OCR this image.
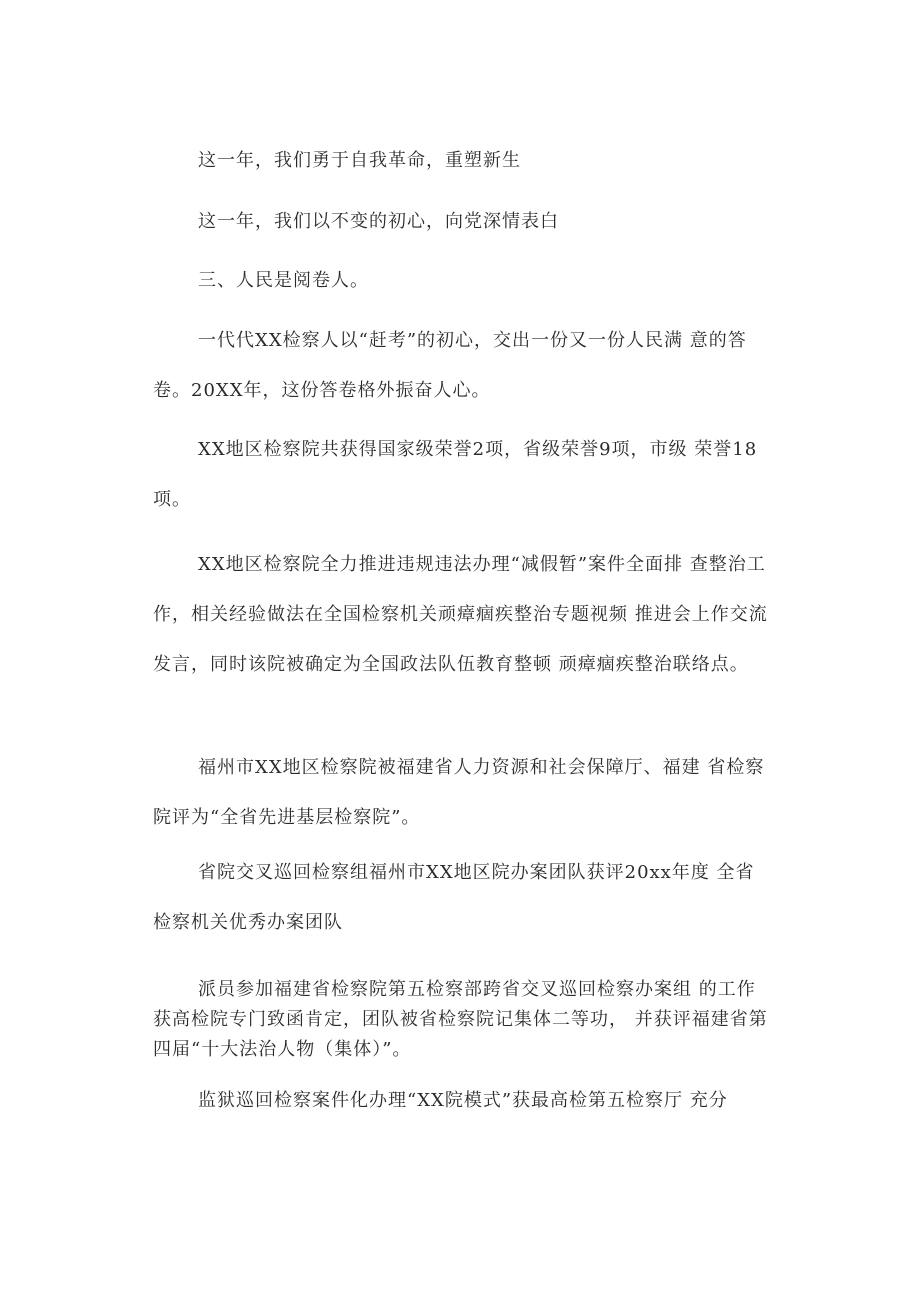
这一年，我们勇于自我革命，重塑新生

这一年，我们以不变的初心，向党深情表白

三、人民是阅卷人。

一代代XX检察人以“赶考”的初心，交出一份又一份人民满 意的答卷。20XX年，这份答卷格外振奋人心。

XX地区检察院共获得国家级荣誉2项，省级荣誉9项，市级 荣誉18项。

XX地区检察院全力推进违规违法办理“减假暂”案件全面排 查整治工作，相关经验做法在全国检察机关顽瘴痼疾整治专题视频 推进会上作交流发言，同时该院被确定为全国政法队伍教育整顿 顽瘴痼疾整治联络点。

福州市XX地区检察院被福建省人力资源和社会保障厅、福建 省检察院评为“全省先进基层检察院”。

省院交叉巡回检察组福州市XX地区院办案团队获评20xx年度 全省检察机关优秀办案团队

派员参加福建省检察院第五检察部跨省交叉巡回检察办案组 的工作获高检院专门致函肯定，团队被省检察院记集体二等功， 并获评福建省第四届“十大法治人物（集体）”。

监狱巡回检察案件化办理“XX院模式”获最高检第五检察厅 充分
